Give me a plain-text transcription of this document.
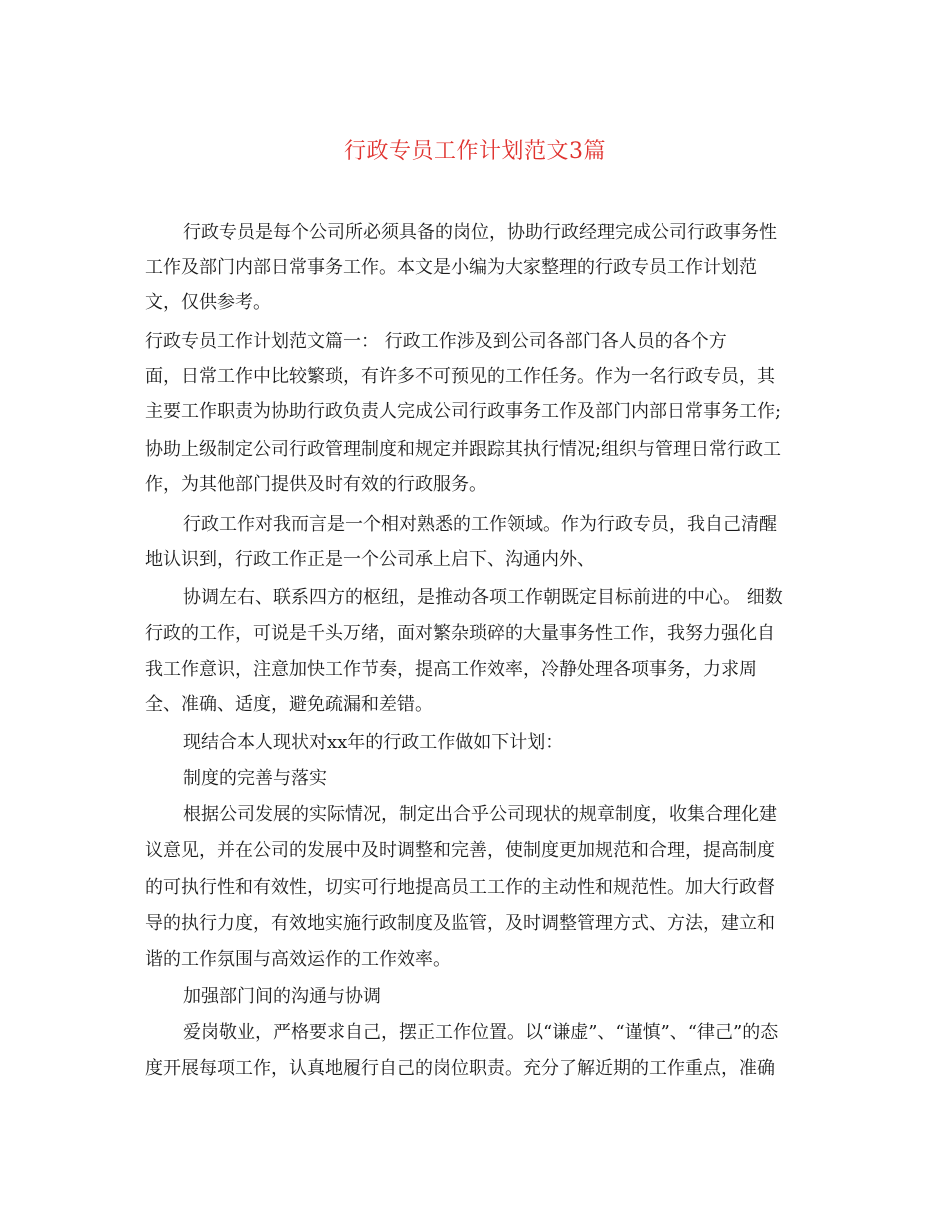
行政专员工作计划范文3篇
行政专员是每个公司所必须具备的岗位，协助行政经理完成公司行政事务性
工作及部门内部日常事务工作。本文是小编为大家整理的行政专员工作计划范
文，仅供参考。
行政专员工作计划范文篇一： 行政工作涉及到公司各部门各人员的各个方
面，日常工作中比较繁琐，有许多不可预见的工作任务。作为一名行政专员，其
主要工作职责为协助行政负责人完成公司行政事务工作及部门内部日常事务工作;
协助上级制定公司行政管理制度和规定并跟踪其执行情况;组织与管理日常行政工
作，为其他部门提供及时有效的行政服务。
行政工作对我而言是一个相对熟悉的工作领域。作为行政专员，我自己清醒
地认识到，行政工作正是一个公司承上启下、沟通内外、
协调左右、联系四方的枢纽，是推动各项工作朝既定目标前进的中心。 细数
行政的工作，可说是千头万绪，面对繁杂琐碎的大量事务性工作，我努力强化自
我工作意识，注意加快工作节奏，提高工作效率，冷静处理各项事务，力求周
全、准确、适度，避免疏漏和差错。
现结合本人现状对xx年的行政工作做如下计划：
制度的完善与落实
根据公司发展的实际情况，制定出合乎公司现状的规章制度，收集合理化建
议意见，并在公司的发展中及时调整和完善，使制度更加规范和合理，提高制度
的可执行性和有效性，切实可行地提高员工工作的主动性和规范性。加大行政督
导的执行力度，有效地实施行政制度及监管，及时调整管理方式、方法，建立和
谐的工作氛围与高效运作的工作效率。
加强部门间的沟通与协调
爱岗敬业，严格要求自己，摆正工作位置。以“谦虚”、“谨慎”、“律己”的态
度开展每项工作，认真地履行自己的岗位职责。充分了解近期的工作重点，准确
